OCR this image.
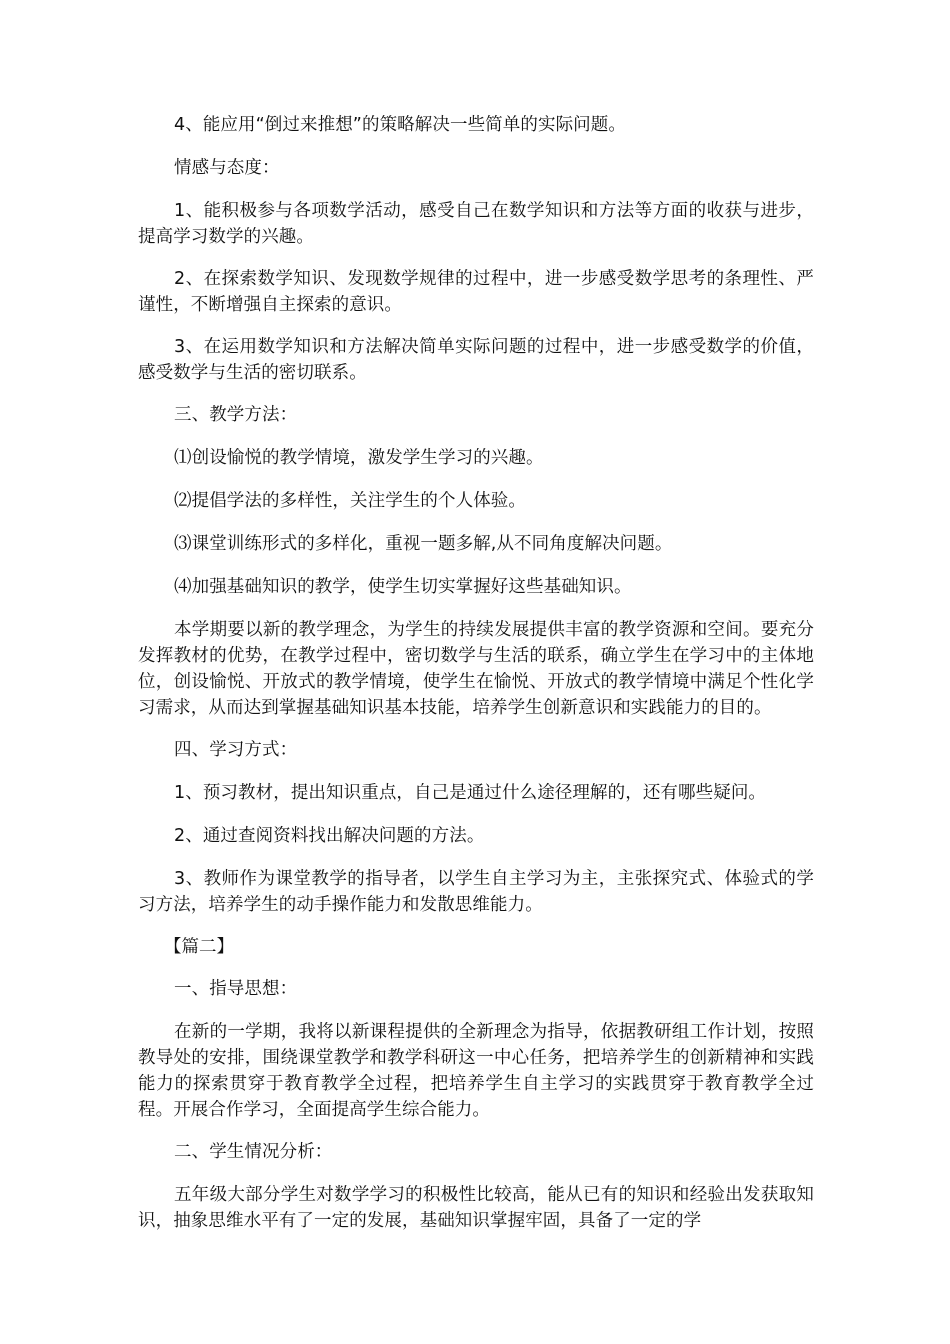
4、能应用“倒过来推想”的策略解决一些简单的实际问题。

情感与态度：

1、能积极参与各项数学活动，感受自己在数学知识和方法等方面的收获与进步，提高学习数学的兴趣。

2、在探索数学知识、发现数学规律的过程中，进一步感受数学思考的条理性、严谨性，不断增强自主探索的意识。

3、在运用数学知识和方法解决简单实际问题的过程中，进一步感受数学的价值，感受数学与生活的密切联系。

三、教学方法：

⑴创设愉悦的教学情境，激发学生学习的兴趣。

⑵提倡学法的多样性，关注学生的个人体验。

⑶课堂训练形式的多样化，重视一题多解,从不同角度解决问题。

⑷加强基础知识的教学，使学生切实掌握好这些基础知识。

本学期要以新的教学理念，为学生的持续发展提供丰富的教学资源和空间。要充分发挥教材的优势，在教学过程中，密切数学与生活的联系，确立学生在学习中的主体地位，创设愉悦、开放式的教学情境，使学生在愉悦、开放式的教学情境中满足个性化学习需求，从而达到掌握基础知识基本技能，培养学生创新意识和实践能力的目的。

四、学习方式：

1、预习教材，提出知识重点，自己是通过什么途径理解的，还有哪些疑问。

2、通过查阅资料找出解决问题的方法。

3、教师作为课堂教学的指导者，以学生自主学习为主，主张探究式、体验式的学习方法，培养学生的动手操作能力和发散思维能力。

【篇二】

一、指导思想：

在新的一学期，我将以新课程提供的全新理念为指导，依据教研组工作计划，按照教导处的安排，围绕课堂教学和教学科研这一中心任务，把培养学生的创新精神和实践能力的探索贯穿于教育教学全过程，把培养学生自主学习的实践贯穿于教育教学全过程。开展合作学习，全面提高学生综合能力。

二、学生情况分析：

五年级大部分学生对数学学习的积极性比较高，能从已有的知识和经验出发获取知识，抽象思维水平有了一定的发展，基础知识掌握牢固，具备了一定的学
